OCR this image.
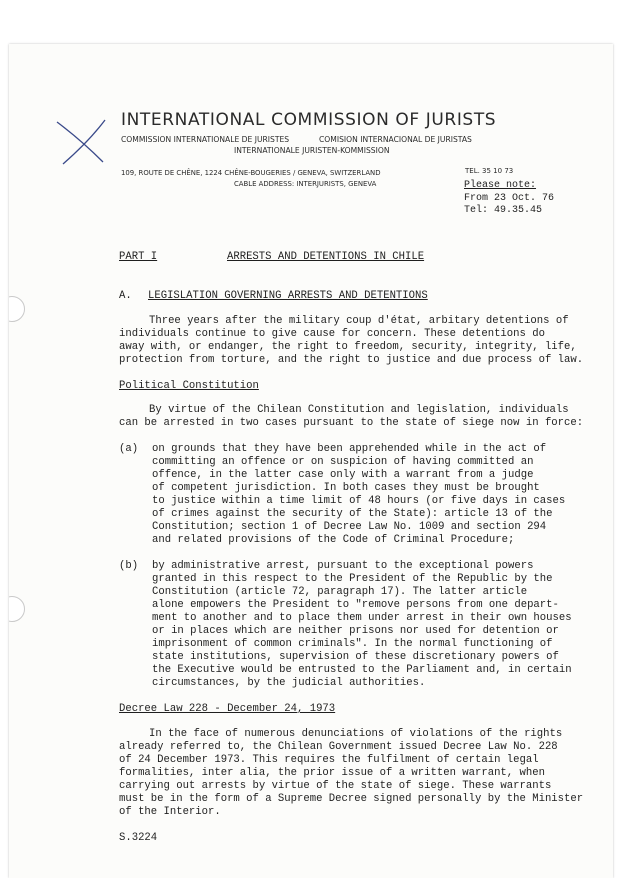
INTERNATIONAL COMMISSION OF JURISTS
COMMISSION INTERNATIONALE DE JURISTES	COMISION INTERNACIONAL DE JURISTAS
INTERNATIONALE JURISTEN-KOMMISSION
109, ROUTE DE CHÊNE, 1224 CHÊNE-BOUGERIES / GENEVA, SWITZERLAND	TEL. 35 10 73
CABLE ADDRESS: INTERJURISTS, GENEVA	Please note:
From 23 Oct. 76
Tel: 49.35.45
PART I	ARRESTS AND DETENTIONS IN CHILE
A. LEGISLATION GOVERNING ARRESTS AND DETENTIONS
Three years after the military coup d'état, arbitary detentions of
individuals continue to give cause for concern. These detentions do
away with, or endanger, the right to freedom, security, integrity, life,
protection from torture, and the right to justice and due process of law.
Political Constitution
By virtue of the Chilean Constitution and legislation, individuals
can be arrested in two cases pursuant to the state of siege now in force:
(a) on grounds that they have been apprehended while in the act of
committing an offence or on suspicion of having committed an
offence, in the latter case only with a warrant from a judge
of competent jurisdiction. In both cases they must be brought
to justice within a time limit of 48 hours (or five days in cases
of crimes against the security of the State): article 13 of the
Constitution; section 1 of Decree Law No. 1009 and section 294
and related provisions of the Code of Criminal Procedure;
(b) by administrative arrest, pursuant to the exceptional powers
granted in this respect to the President of the Republic by the
Constitution (article 72, paragraph 17). The latter article
alone empowers the President to "remove persons from one depart-
ment to another and to place them under arrest in their own houses
or in places which are neither prisons nor used for detention or
imprisonment of common criminals". In the normal functioning of
state institutions, supervision of these discretionary powers of
the Executive would be entrusted to the Parliament and, in certain
circumstances, by the judicial authorities.
Decree Law 228 - December 24, 1973
In the face of numerous denunciations of violations of the rights
already referred to, the Chilean Government issued Decree Law No. 228
of 24 December 1973. This requires the fulfilment of certain legal
formalities, inter alia, the prior issue of a written warrant, when
carrying out arrests by virtue of the state of siege. These warrants
must be in the form of a Supreme Decree signed personally by the Minister
of the Interior.
S.3224
